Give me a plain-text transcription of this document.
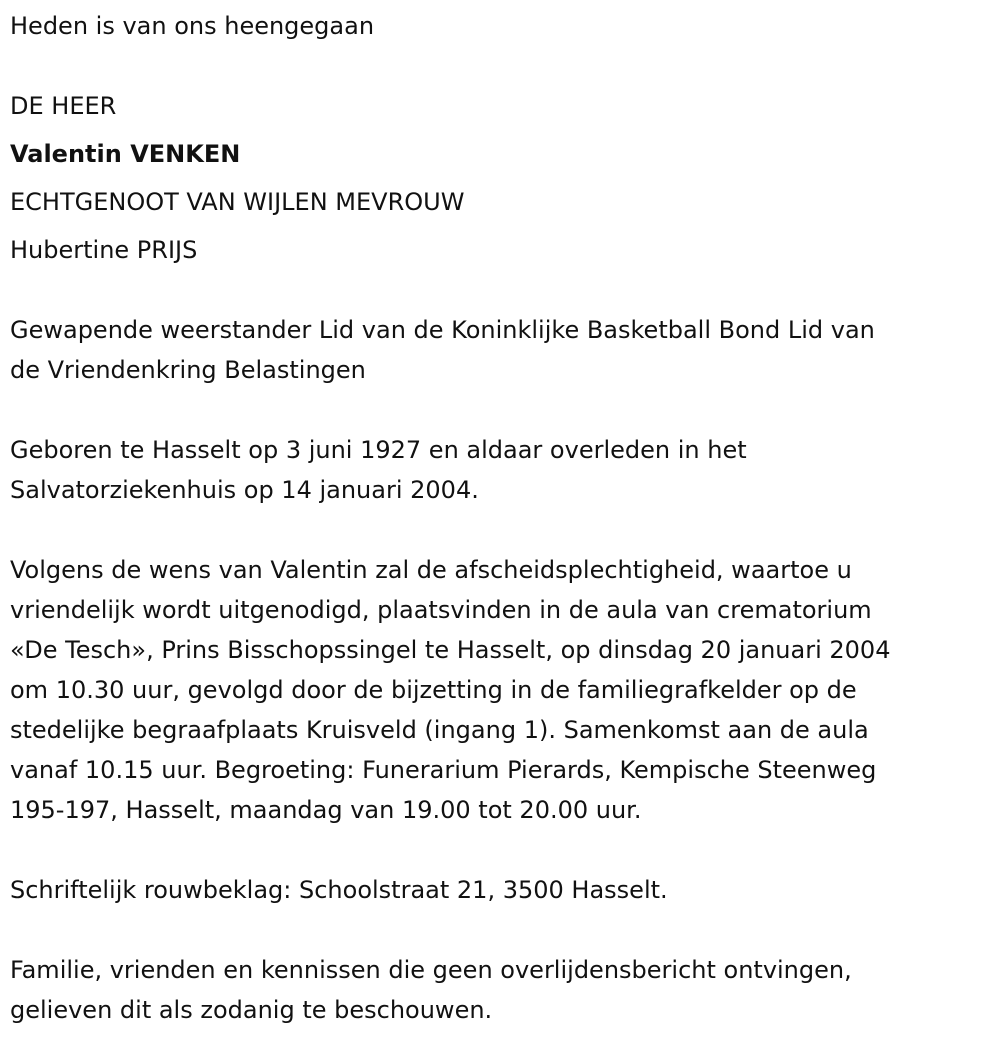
Heden is van ons heengegaan
DE HEER
Valentin VENKEN
ECHTGENOOT VAN WIJLEN MEVROUW
Hubertine PRIJS
Gewapende weerstander Lid van de Koninklijke Basketball Bond Lid van
de Vriendenkring Belastingen
Geboren te Hasselt op 3 juni 1927 en aldaar overleden in het
Salvatorziekenhuis op 14 januari 2004.
Volgens de wens van Valentin zal de afscheidsplechtigheid, waartoe u
vriendelijk wordt uitgenodigd, plaatsvinden in de aula van crematorium
«De Tesch», Prins Bisschopssingel te Hasselt, op dinsdag 20 januari 2004
om 10.30 uur, gevolgd door de bijzetting in de familiegrafkelder op de
stedelijke begraafplaats Kruisveld (ingang 1). Samenkomst aan de aula
vanaf 10.15 uur. Begroeting: Funerarium Pierards, Kempische Steenweg
195-197, Hasselt, maandag van 19.00 tot 20.00 uur.
Schriftelijk rouwbeklag: Schoolstraat 21, 3500 Hasselt.
Familie, vrienden en kennissen die geen overlijdensbericht ontvingen,
gelieven dit als zodanig te beschouwen.
